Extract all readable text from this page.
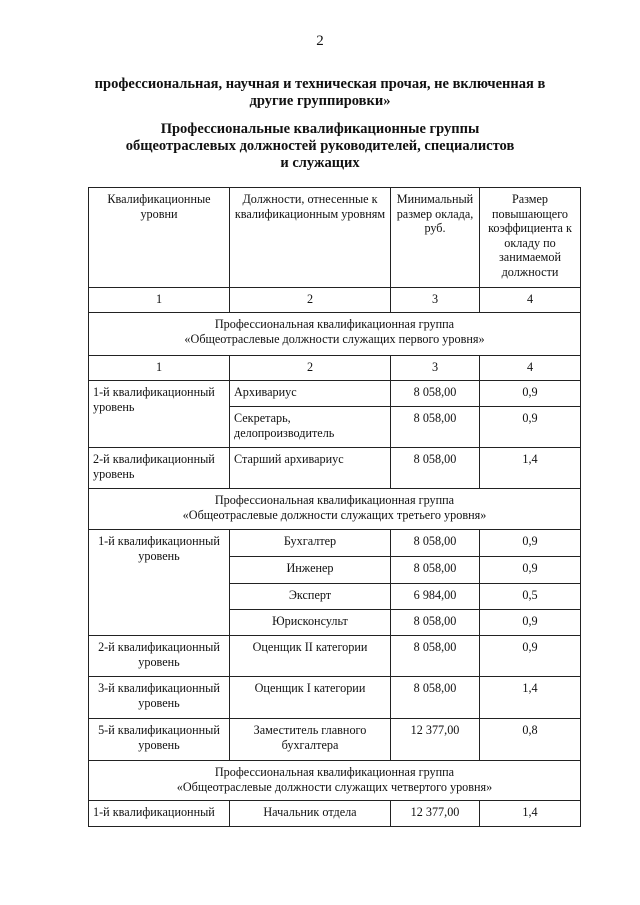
2
профессиональная, научная и техническая прочая, не включенная в
другие группировки»
Профессиональные квалификационные группы
общеотраслевых должностей руководителей, специалистов
и служащих
Квалификационные уровни	Должности, отнесенные к квалификационным уровням	Минимальный размер оклада, руб.	Размер повышающего коэффициента к окладу по занимаемой должности
1	2	3	4

Профессиональная квалификационная группа
«Общеотраслевые должности служащих первого уровня»			

1	2	3	4
1-й квалификационный уровень	Архивариус	8 058,00	0,9
	Секретарь, делопроизводитель	8 058,00	0,9
2-й квалификационный уровень	Старший архивариус	8 058,00	1,4

Профессиональная квалификационная группа
«Общеотраслевые должности служащих третьего уровня»			

1-й квалификационный уровень	Бухгалтер	8 058,00	0,9
	Инженер	8 058,00	0,9
	Эксперт	6 984,00	0,5
	Юрисконсульт	8 058,00	0,9
2-й квалификационный уровень	Оценщик II категории	8 058,00	0,9
3-й квалификационный уровень	Оценщик I категории	8 058,00	1,4
5-й квалификационный уровень	Заместитель главного бухгалтера	12 377,00	0,8

Профессиональная квалификационная группа
«Общеотраслевые должности служащих четвертого уровня»			

1-й квалификационный	Начальник отдела	12 377,00	1,4
